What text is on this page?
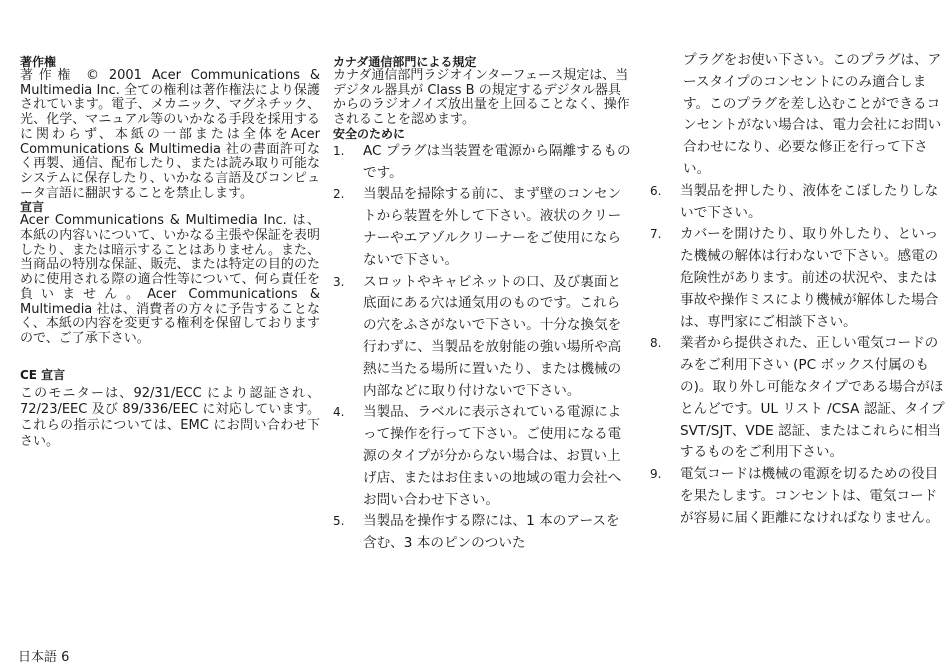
著作権
著作権 © 2001 Acer Communications & Multimedia Inc. 全ての権利は著作権法により保護されています。電子、メカニック、マグネチック、光、化学、マニュアル等のいかなる手段を採用するに関わらず、本紙の一部または全体をAcer Communications & Multimedia 社の書面許可なく再製、通信、配布したり、または読み取り可能なシステムに保存したり、いかなる言語及びコンピュータ言語に翻訳することを禁止します。
宣言
Acer Communications & Multimedia Inc. は、本紙の内容いについて、いかなる主張や保証を表明したり、または暗示することはありません。また、当商品の特別な保証、販売、または特定の目的のために使用される際の適合性等について、何ら責任を負いません。Acer Communications & Multimedia 社は、消費者の方々に予告することなく、本紙の内容を変更する権利を保留しておりますので、ご了承下さい。
CE 宣言
このモニターは、92/31/ECC により認証され、72/23/EEC 及び 89/336/EEC に対応しています。これらの指示については、EMC にお問い合わせ下さい。
カナダ通信部門による規定
カナダ通信部門ラジオインターフェース規定は、当デジタル器具が Class B の規定するデジタル器具からのラジオノイズ放出量を上回ることなく、操作されることを認めます。
安全のために
1.	AC プラグは当装置を電源から隔離するものです。
2.	当製品を掃除する前に、まず壁のコンセントから装置を外して下さい。液状のクリーナーやエアゾルクリーナーをご使用にならないで下さい。
3.	スロットやキャビネットの口、及び裏面と底面にある穴は通気用のものです。これらの穴をふさがないで下さい。十分な換気を行わずに、当製品を放射能の強い場所や高熱に当たる場所に置いたり、または機械の内部などに取り付けないで下さい。
4.	当製品、ラベルに表示されている電源によって操作を行って下さい。ご使用になる電源のタイプが分からない場合は、お買い上げ店、またはお住まいの地域の電力会社へお問い合わせ下さい。
5.	当製品を操作する際には、1 本のアースを含む、3 本のピンのついた
プラグをお使い下さい。このプラグは、アースタイプのコンセントにのみ適合します。このプラグを差し込むことができるコンセントがない場合は、電力会社にお問い合わせになり、必要な修正を行って下さい。
6.	当製品を押したり、液体をこぼしたりしないで下さい。
7.	カバーを開けたり、取り外したり、といった機械の解体は行わないで下さい。感電の危険性があります。前述の状況や、または事故や操作ミスにより機械が解体した場合は、専門家にご相談下さい。
8.	業者から提供された、正しい電気コードのみをご利用下さい (PC ボックス付属のもの)。取り外し可能なタイプである場合がほとんどです。UL リスト /CSA 認証、タイプ SVT/SJT、VDE 認証、またはこれらに相当するものをご利用下さい。
9.	電気コードは機械の電源を切るための役目を果たします。コンセントは、電気コードが容易に届く距離になければなりません。
日本語 6
